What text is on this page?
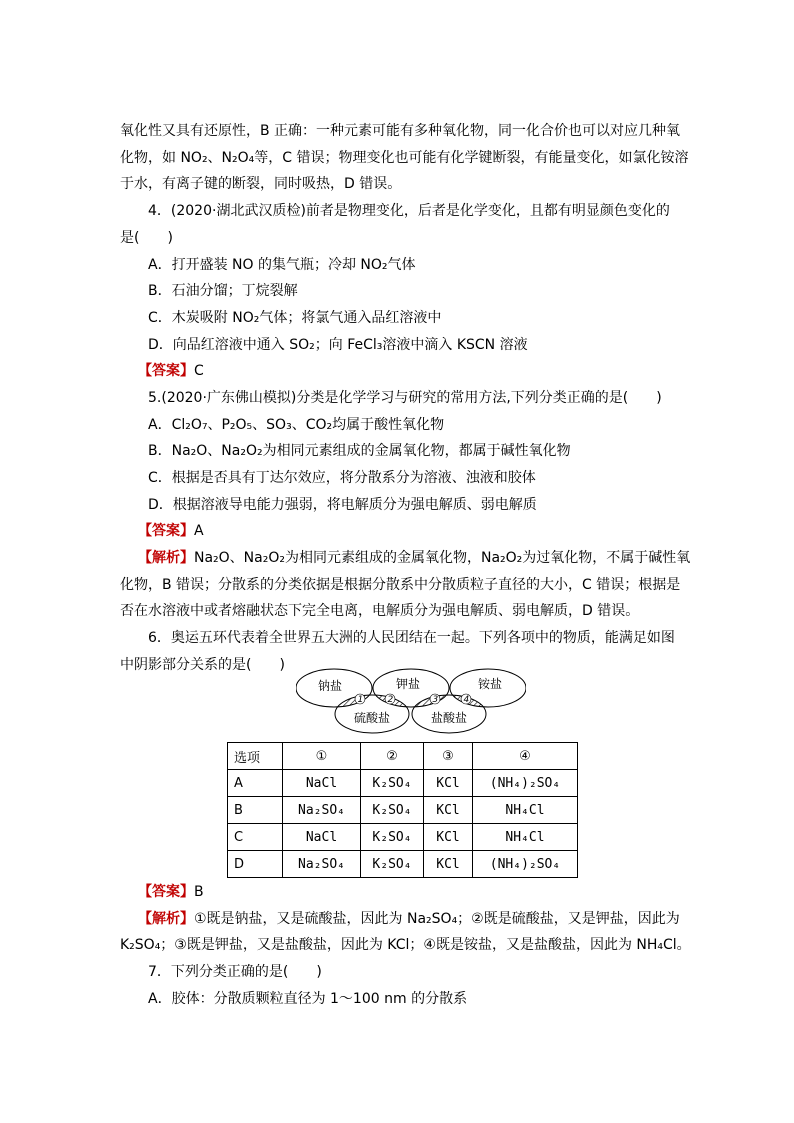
氧化性又具有还原性，B 正确：一种元素可能有多种氧化物，同一化合价也可以对应几种氧
化物，如 NO₂、N₂O₄等，C 错误；物理变化也可能有化学键断裂，有能量变化，如氯化铵溶
于水，有离子键的断裂，同时吸热，D 错误。
4．(2020·湖北武汉质检)前者是物理变化，后者是化学变化，且都有明显颜色变化的
是(　　)
A．打开盛装 NO 的集气瓶；冷却 NO₂气体
B．石油分馏；丁烷裂解
C．木炭吸附 NO₂气体；将氯气通入品红溶液中
D．向品红溶液中通入 SO₂；向 FeCl₃溶液中滴入 KSCN 溶液
【答案】C
5.(2020·广东佛山模拟)分类是化学学习与研究的常用方法,下列分类正确的是(　　)
A．Cl₂O₇、P₂O₅、SO₃、CO₂均属于酸性氧化物
B．Na₂O、Na₂O₂为相同元素组成的金属氧化物，都属于碱性氧化物
C．根据是否具有丁达尔效应，将分散系分为溶液、浊液和胶体
D．根据溶液导电能力强弱，将电解质分为强电解质、弱电解质
【答案】A
【解析】Na₂O、Na₂O₂为相同元素组成的金属氧化物，Na₂O₂为过氧化物，不属于碱性氧
化物，B 错误；分散系的分类依据是根据分散系中分散质粒子直径的大小，C 错误；根据是
否在水溶液中或者熔融状态下完全电离，电解质分为强电解质、弱电解质，D 错误。
6．奥运五环代表着全世界五大洲的人民团结在一起。下列各项中的物质，能满足如图
中阴影部分关系的是(　　)
钠盐	钾盐	铵盐
硫酸盐	盐酸盐
1	2	3	4
选项	①	②	③	④
A	NaCl	K₂SO₄	KCl	(NH₄)₂SO₄
B	Na₂SO₄	K₂SO₄	KCl	NH₄Cl
C	NaCl	K₂SO₄	KCl	NH₄Cl
D	Na₂SO₄	K₂SO₄	KCl	(NH₄)₂SO₄
【答案】B
【解析】①既是钠盐，又是硫酸盐，因此为 Na₂SO₄；②既是硫酸盐，又是钾盐，因此为
K₂SO₄；③既是钾盐，又是盐酸盐，因此为 KCl；④既是铵盐，又是盐酸盐，因此为 NH₄Cl。
7．下列分类正确的是(　　)
A．胶体：分散质颗粒直径为 1～100 nm 的分散系
